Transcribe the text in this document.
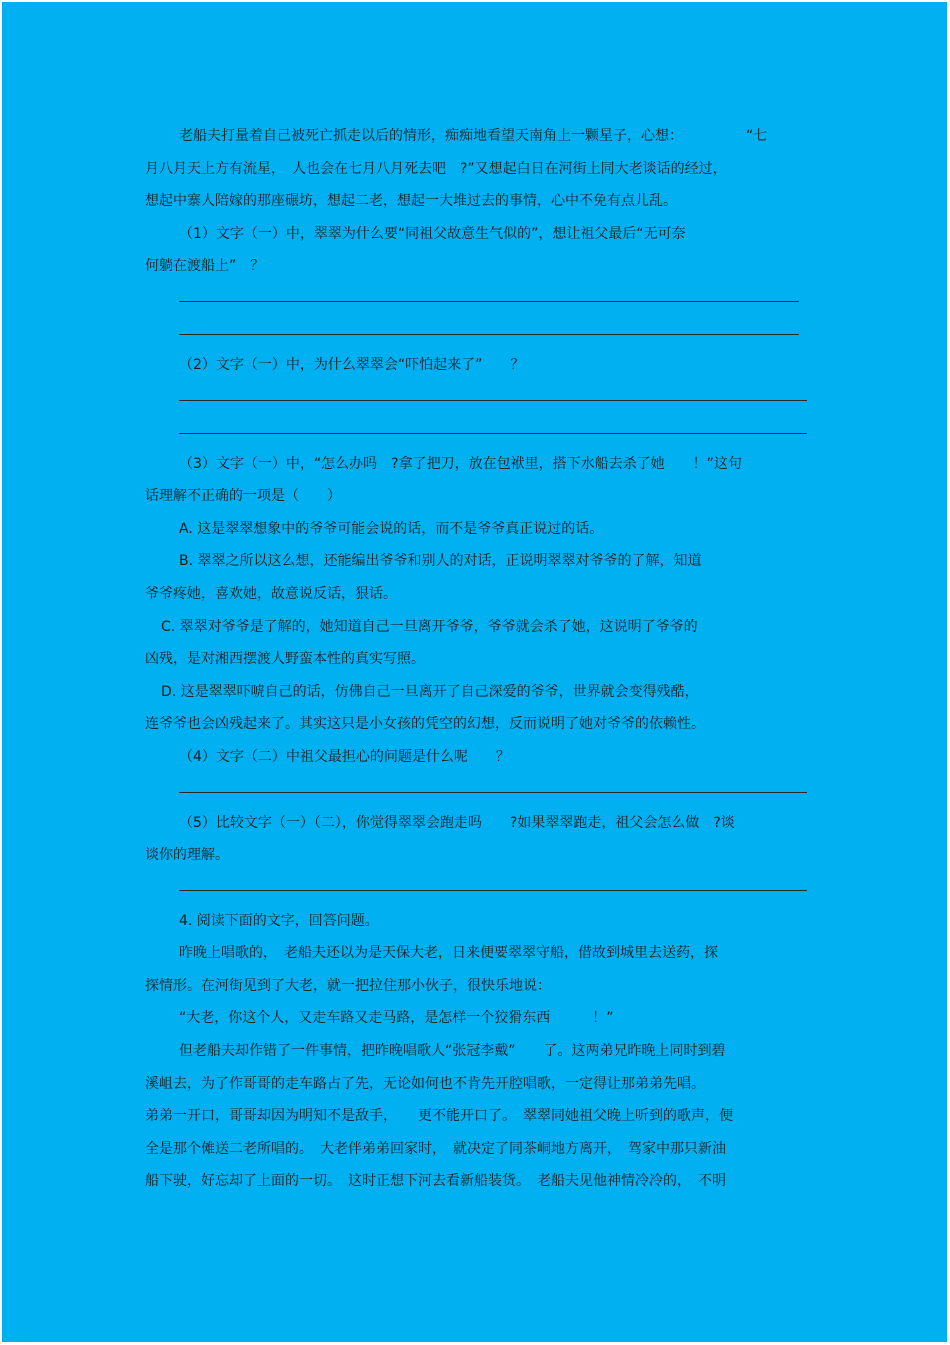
老船夫打量着自己被死亡抓走以后的情形，痴痴地看望天南角上一颗星子，心想：　　　　　“七

月八月天上方有流星，　人也会在七月八月死去吧　?”又想起白日在河街上同大老谈话的经过，

想起中寨人陪嫁的那座碾坊，想起二老，想起一大堆过去的事情，心中不免有点儿乱。

（1）文字（一）中，翠翠为什么要“同祖父故意生气似的”，想让祖父最后“无可奈

何躺在渡船上”　？

（2）文字（一）中，为什么翠翠会“吓怕起来了”　　？

（3）文字（一）中，“怎么办吗　?拿了把刀，放在包袱里，搭下水船去杀了她　　！”这句

话理解不正确的一项是（　　）

A. 这是翠翠想象中的爷爷可能会说的话，而不是爷爷真正说过的话。

B. 翠翠之所以这么想，还能编出爷爷和别人的对话，正说明翠翠对爷爷的了解，知道

爷爷疼她，喜欢她，故意说反话，狠话。

C. 翠翠对爷爷是了解的，她知道自己一旦离开爷爷，爷爷就会杀了她，这说明了爷爷的

凶残，是对湘西摆渡人野蛮本性的真实写照。

D. 这是翠翠吓唬自己的话，仿佛自己一旦离开了自己深爱的爷爷，世界就会变得残酷，

连爷爷也会凶残起来了。其实这只是小女孩的凭空的幻想，反而说明了她对爷爷的依赖性。

（4）文字（二）中祖父最担心的问题是什么呢　　？

（5）比较文字（一）（二），你觉得翠翠会跑走吗　　?如果翠翠跑走，祖父会怎么做　?谈

谈你的理解。

4. 阅读下面的文字，回答问题。

昨晚上唱歌的，　老船夫还以为是天保大老，日来便要翠翠守船，借故到城里去送药，探

探情形。在河街见到了大老，就一把拉住那小伙子，很快乐地说：

“大老，你这个人，又走车路又走马路，是怎样一个狡猾东西　　　！”

但老船夫却作错了一件事情，把昨晚唱歌人“张冠李戴”　　了。这两弟兄昨晚上同时到碧

溪岨去，为了作哥哥的走车路占了先，无论如何也不肯先开腔唱歌，一定得让那弟弟先唱。

弟弟一开口，哥哥却因为明知不是敌手，　　更不能开口了。　翠翠同她祖父晚上听到的歌声，便

全是那个傩送二老所唱的。　大老伴弟弟回家时，　就决定了同茶峒地方离开，　驾家中那只新油

船下驶，好忘却了上面的一切。　这时正想下河去看新船装货。　老船夫见他神情冷冷的，　不明
